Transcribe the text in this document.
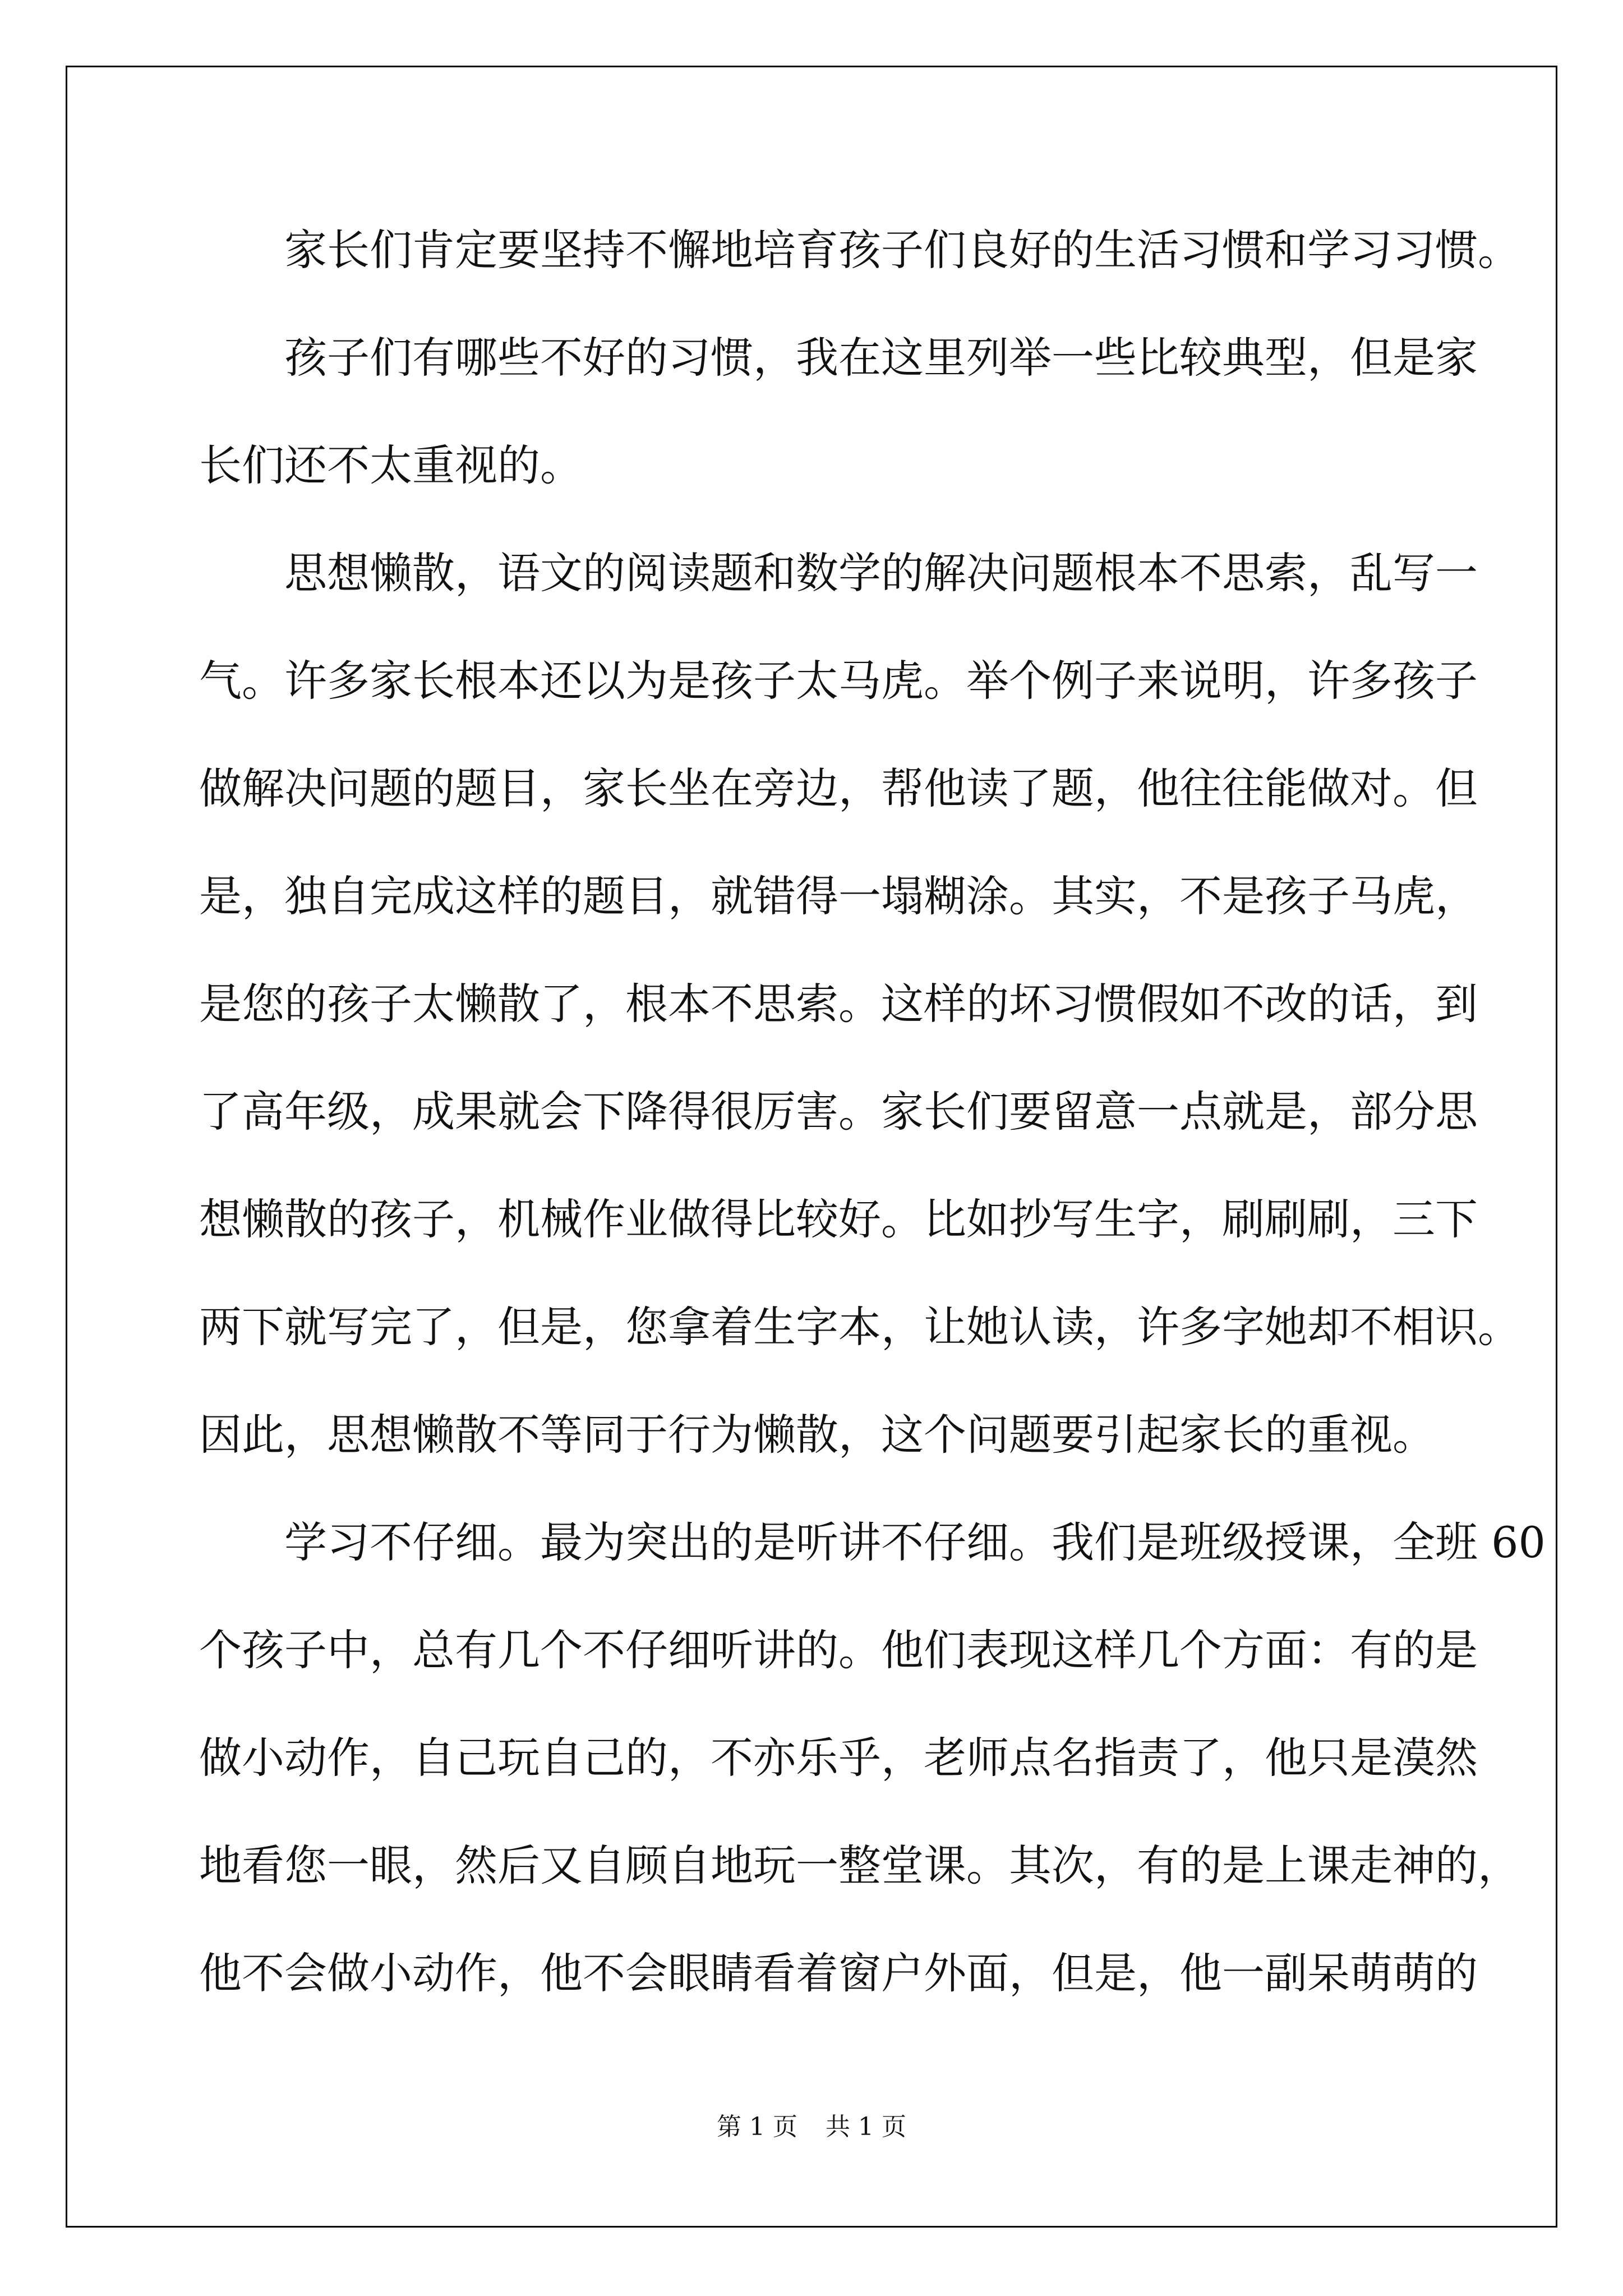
家长们肯定要坚持不懈地培育孩子们良好的生活习惯和学习习惯。

孩子们有哪些不好的习惯，我在这里列举一些比较典型，但是家
长们还不太重视的。

思想懒散，语文的阅读题和数学的解决问题根本不思索，乱写一
气。许多家长根本还以为是孩子太马虎。举个例子来说明，许多孩子
做解决问题的题目，家长坐在旁边，帮他读了题，他往往能做对。但
是，独自完成这样的题目，就错得一塌糊涂。其实，不是孩子马虎，
是您的孩子太懒散了，根本不思索。这样的坏习惯假如不改的话，到
了高年级，成果就会下降得很厉害。家长们要留意一点就是，部分思
想懒散的孩子，机械作业做得比较好。比如抄写生字，刷刷刷，三下
两下就写完了，但是，您拿着生字本，让她认读，许多字她却不相识。
因此，思想懒散不等同于行为懒散，这个问题要引起家长的重视。

学习不仔细。最为突出的是听讲不仔细。我们是班级授课，全班 60
个孩子中，总有几个不仔细听讲的。他们表现这样几个方面：有的是
做小动作，自己玩自己的，不亦乐乎，老师点名指责了，他只是漠然
地看您一眼，然后又自顾自地玩一整堂课。其次，有的是上课走神的，
他不会做小动作，他不会眼睛看着窗户外面，但是，他一副呆萌萌的

第 1 页 共 1 页
